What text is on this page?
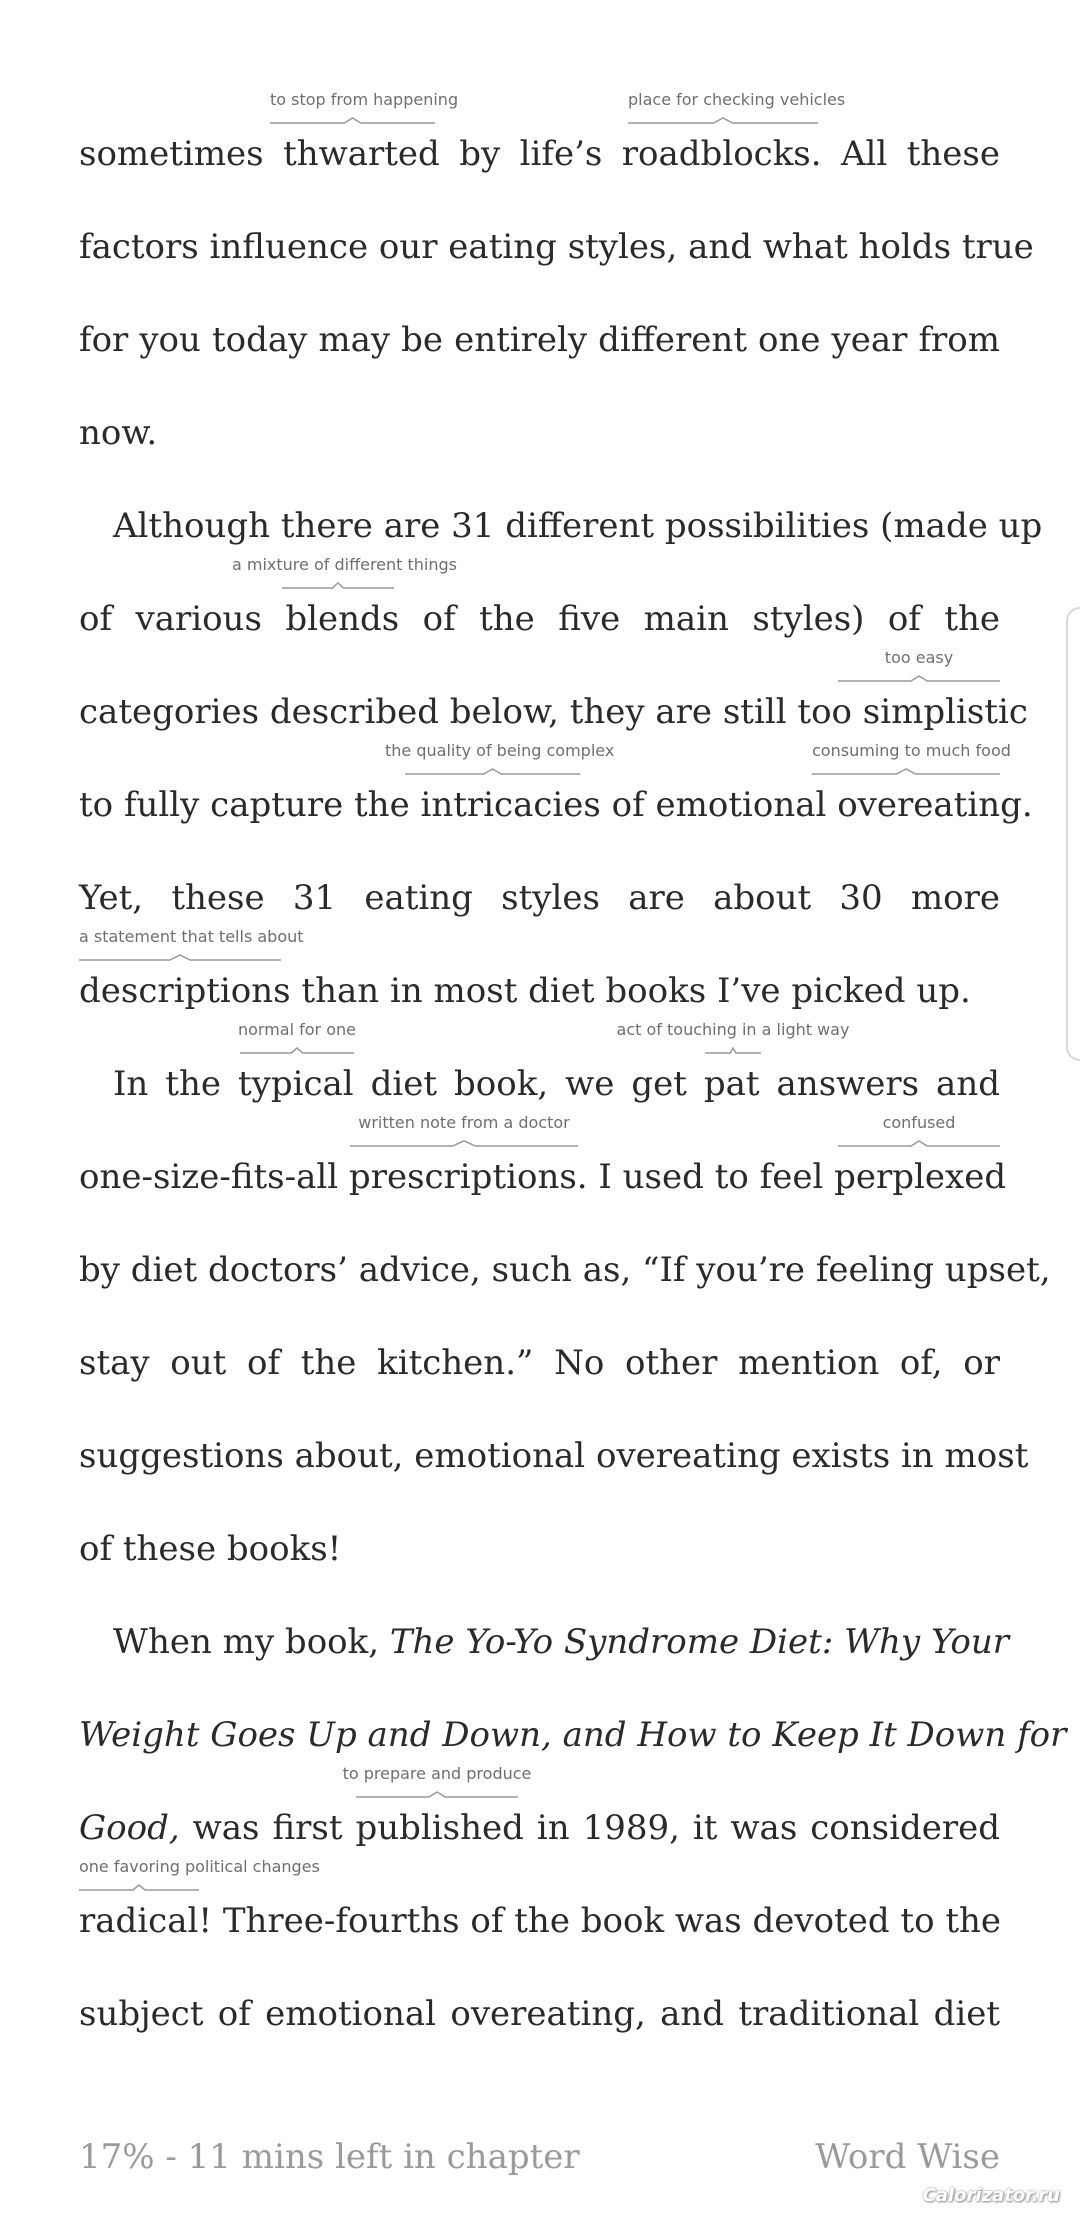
sometimes thwarted by life’s roadblocks. All these
factors influence our eating styles, and what holds true
for you today may be entirely different one year from
now.
Although there are 31 different possibilities (made up
of various blends of the five main styles) of the
categories described below, they are still too simplistic
to fully capture the intricacies of emotional overeating.
Yet, these 31 eating styles are about 30 more
descriptions than in most diet books I’ve picked up.
In the typical diet book, we get pat answers and
one-size-fits-all prescriptions. I used to feel perplexed
by diet doctors’ advice, such as, “If you’re feeling upset,
stay out of the kitchen.” No other mention of, or
suggestions about, emotional overeating exists in most
of these books!
When my book, The Yo-Yo Syndrome Diet: Why Your
Weight Goes Up and Down, and How to Keep It Down for
Good, was first published in 1989, it was considered
radical! Three-fourths of the book was devoted to the
subject of emotional overeating, and traditional diet
to stop from happening	place for checking vehicles
a mixture of different things
too easy
the quality of being complex	consuming to much food
a statement that tells about
normal for one	act of touching in a light way
written note from a doctor	confused
to prepare and produce
one favoring political changes
17% - 11 mins left in chapter	Word Wise
Calorizator.ru
